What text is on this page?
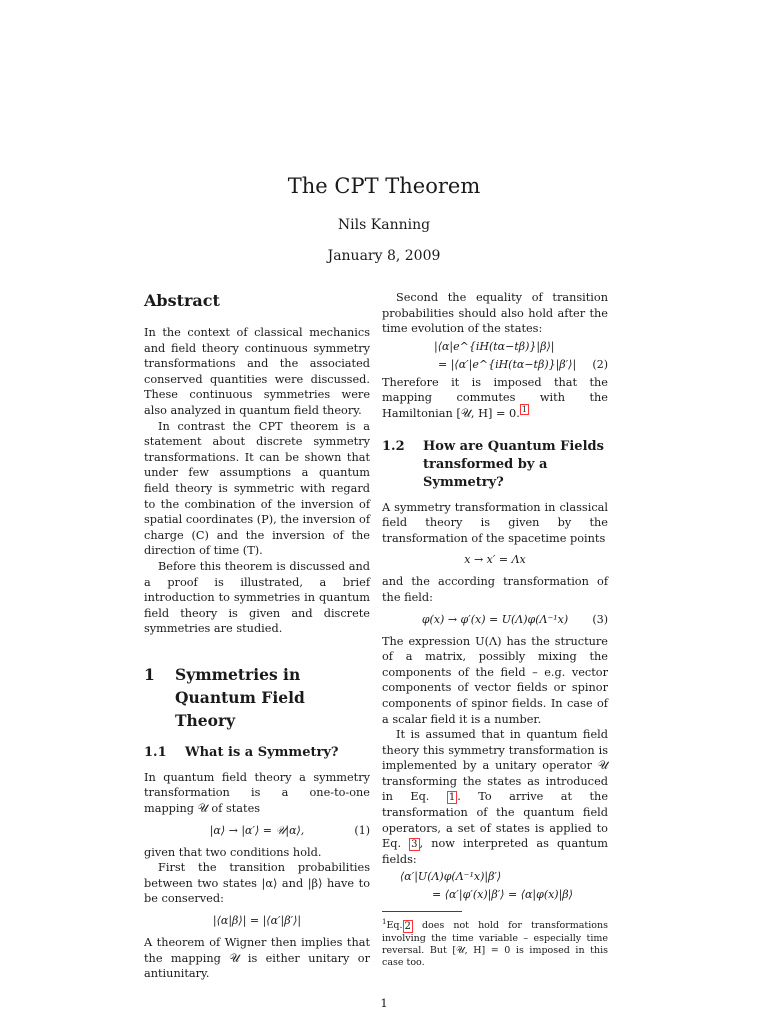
The CPT Theorem
Nils Kanning
January 8, 2009
Abstract

In the context of classical mechanics and field theory continuous symmetry transformations and the associated conserved quantities were discussed. These continuous symmetries were also analyzed in quantum field theory.

In contrast the CPT theorem is a statement about discrete symmetry transformations. It can be shown that under few assumptions a quantum field theory is symmetric with regard to the combination of the inversion of spatial coordinates (P), the inversion of charge (C) and the inversion of the direction of time (T).

Before this theorem is discussed and a proof is illustrated, a brief introduction to symmetries in quantum field theory is given and discrete symmetries are studied.

1	Symmetries in Quantum Field Theory
1.1	What is a Symmetry?

In quantum field theory a symmetry transformation is a one-to-one mapping 𝒰 of states

|α⟩ → |α′⟩ = 𝒰|α⟩,	(1)

given that two conditions hold.

First the transition probabilities between two states |α⟩ and |β⟩ have to be conserved:

|⟨α|β⟩| = |⟨α′|β′⟩|

A theorem of Wigner then implies that the mapping 𝒰 is either unitary or antiunitary.

Second the equality of transition probabilities should also hold after the time evolution of the states:

|⟨α|e^{iH(tα−tβ)}|β⟩|
= |⟨α′|e^{iH(tα−tβ)}|β′⟩| (2)

Therefore it is imposed that the mapping commutes with the Hamiltonian [𝒰, H] = 0. $^1$

1.2	How are Quantum Fields transformed by a Symmetry?

A symmetry transformation in classical field theory is given by the transformation of the spacetime points

x → x′ = Λx

and the according transformation of the field:

φ(x) → φ′(x) = U(Λ)φ(Λ⁻¹x) (3)

The expression U(Λ) has the structure of a matrix, possibly mixing the components of the field – e.g. vector components of vector fields or spinor components of spinor fields. In case of a scalar field it is a number.

It is assumed that in quantum field theory this symmetry transformation is implemented by a unitary operator 𝒰 transforming the states as introduced in Eq. 1 . To arrive at the transformation of the quantum field operators, a set of states is applied to Eq. 3 , now interpreted as quantum fields:

⟨α′|U(Λ)φ(Λ⁻¹x)|β′⟩
= ⟨α′|φ′(x)|β′⟩ = ⟨α|φ(x)|β⟩
$^1$Eq. 2 does not hold for transformations involving the time variable – especially time reversal. But [𝒰, H] = 0 is imposed in this case too.
1
